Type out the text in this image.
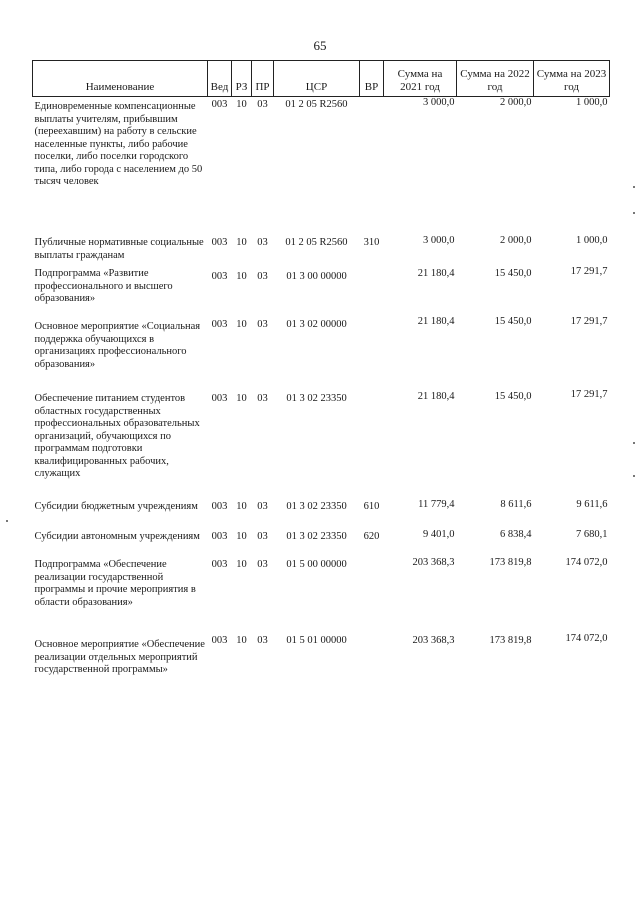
65
Наименование	Вед	РЗ	ПР	ЦСР	ВР	Сумма на 2021 год	Сумма на 2022 год	Сумма на 2023 год
Единовременные компенсационные выплаты учителям, прибывшим (переехавшим) на работу в сельские населенные пункты, либо рабочие поселки, либо поселки городского типа, либо города с населением до 50 тысяч человек	003	10	03	01 2 05 R2560		3 000,0	2 000,0	1 000,0
Публичные нормативные социальные выплаты гражданам	003	10	03	01 2 05 R2560	310	3 000,0	2 000,0	1 000,0
Подпрограмма «Развитие профессионального и высшего образования»	003	10	03	01 3 00 00000		21 180,4	15 450,0	17 291,7
Основное мероприятие «Социальная поддержка обучающихся в организациях профессионального образования»	003	10	03	01 3 02 00000		21 180,4	15 450,0	17 291,7
Обеспечение питанием студентов областных государственных профессиональных образовательных организаций, обучающихся по программам подготовки квалифицированных рабочих, служащих	003	10	03	01 3 02 23350		21 180,4	15 450,0	17 291,7
Субсидии бюджетным учреждениям	003	10	03	01 3 02 23350	610	11 779,4	8 611,6	9 611,6
Субсидии автономным учреждениям	003	10	03	01 3 02 23350	620	9 401,0	6 838,4	7 680,1
Подпрограмма «Обеспечение реализации государственной программы и прочие мероприятия в области образования»	003	10	03	01 5 00 00000		203 368,3	173 819,8	174 072,0
Основное мероприятие «Обеспечение реализации отдельных мероприятий государственной программы»	003	10	03	01 5 01 00000		203 368,3	173 819,8	174 072,0
